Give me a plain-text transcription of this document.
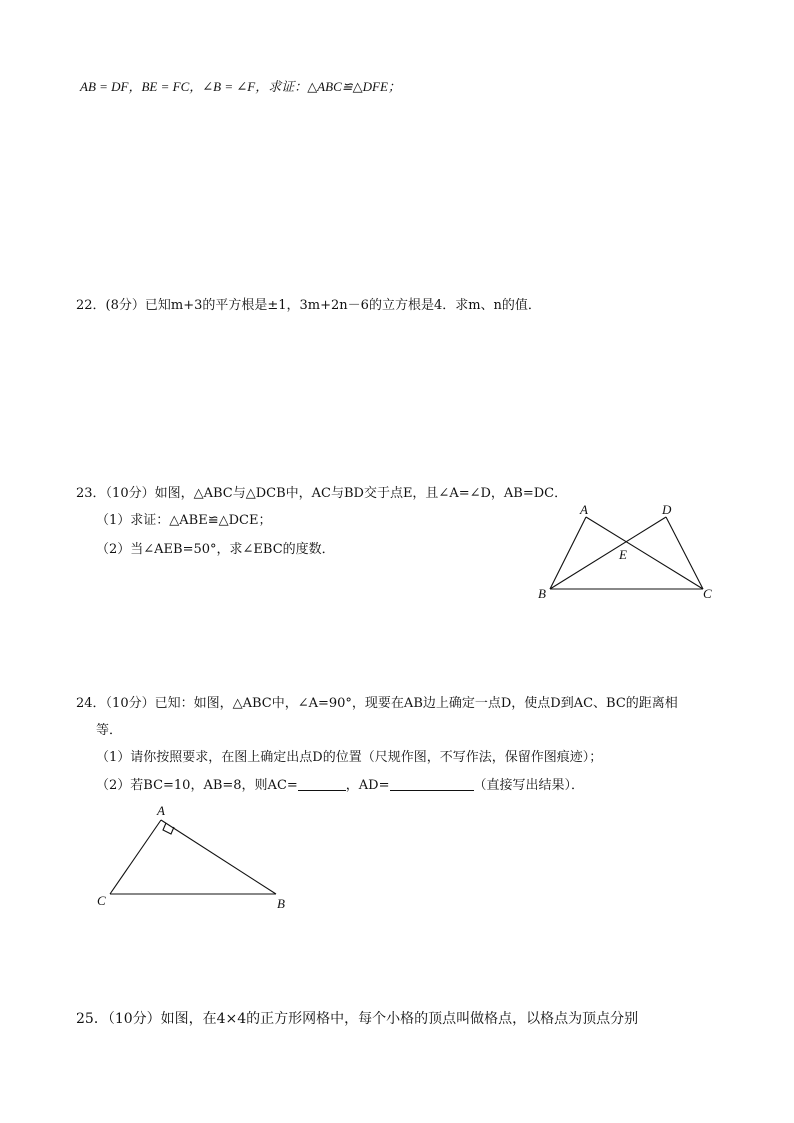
AB = DF，BE = FC，∠B = ∠F，求证：△ABC≌△DFE；
22．(8分）已知m+3的平方根是±1，3m+2n－6的立方根是4．求m、n的值．
23．（10分）如图，△ABC与△DCB中，AC与BD交于点E，且∠A=∠D，AB=DC．
（1）求证：△ABE≌△DCE；
（2）当∠AEB=50°，求∠EBC的度数．
A	D
E
B	C
24．（10分）已知：如图，△ABC中，∠A=90°，现要在AB边上确定一点D，使点D到AC、BC的距离相
等．
（1）请你按照要求，在图上确定出点D的位置（尺规作图，不写作法，保留作图痕迹）；
（2）若BC=10，AB=8，则AC=	，AD=	（直接写出结果）．
A
C	B
25．（10分）如图，在4×4的正方形网格中，每个小格的顶点叫做格点，以格点为顶点分别
